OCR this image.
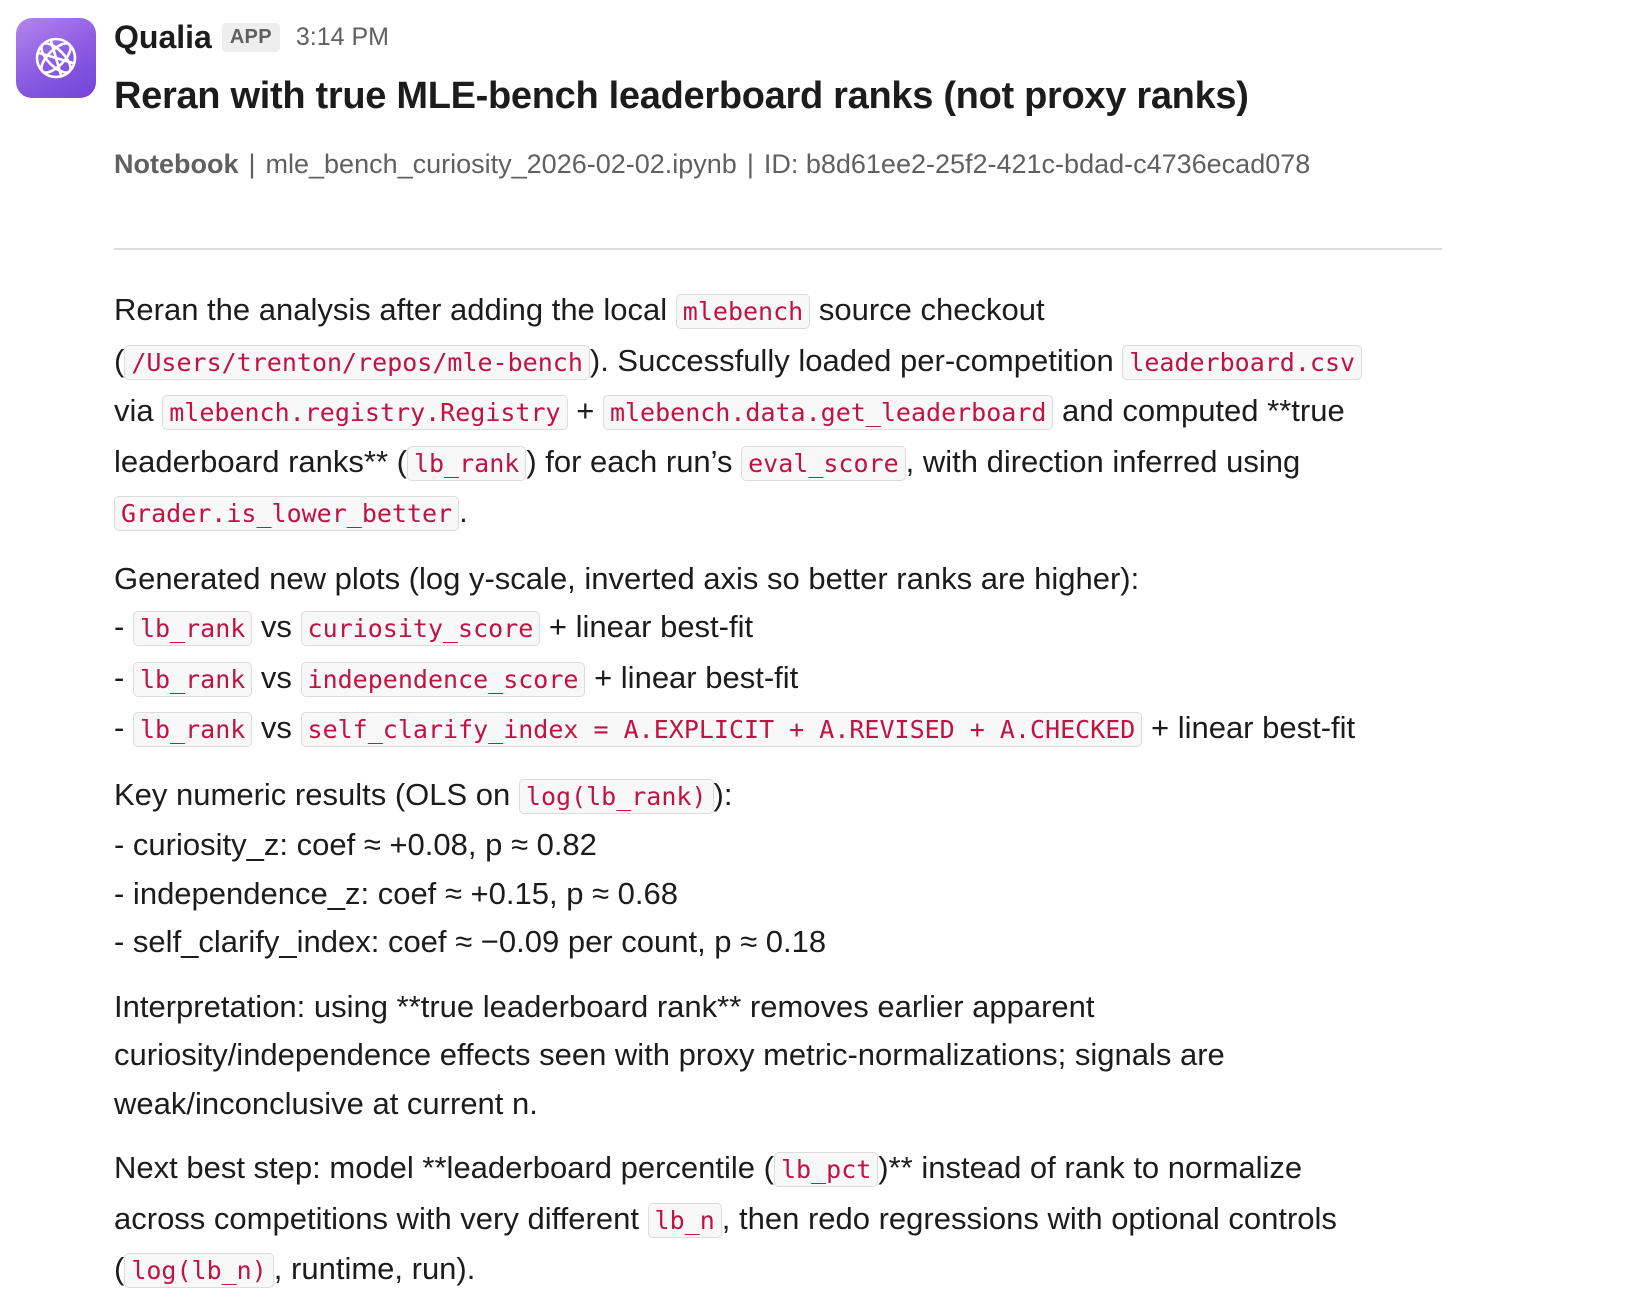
Qualia APP 3:14 PM
Reran with true MLE-bench leaderboard ranks (not proxy ranks)
Notebook | mle_bench_curiosity_2026-02-02.ipynb | ID: b8d61ee2-25f2-421c-bdad-c4736ecad078
Reran the analysis after adding the local mlebench source checkout
( /Users/trenton/repos/mle-bench ). Successfully loaded per-competition leaderboard.csv
via mlebench.registry.Registry + mlebench.data.get_leaderboard and computed **true
leaderboard ranks** ( lb_rank ) for each run’s eval_score , with direction inferred using
Grader.is_lower_better .
Generated new plots (log y-scale, inverted axis so better ranks are higher):
- lb_rank vs curiosity_score + linear best-fit
- lb_rank vs independence_score + linear best-fit
- lb_rank vs self_clarify_index = A.EXPLICIT + A.REVISED + A.CHECKED + linear best-fit
Key numeric results (OLS on log(lb_rank) ):
- curiosity_z: coef ≈ +0.08, p ≈ 0.82
- independence_z: coef ≈ +0.15, p ≈ 0.68
- self_clarify_index: coef ≈ −0.09 per count, p ≈ 0.18
Interpretation: using **true leaderboard rank** removes earlier apparent
curiosity/independence effects seen with proxy metric-normalizations; signals are
weak/inconclusive at current n.
Next best step: model **leaderboard percentile ( lb_pct )** instead of rank to normalize
across competitions with very different lb_n , then redo regressions with optional controls
( log(lb_n) , runtime, run).
